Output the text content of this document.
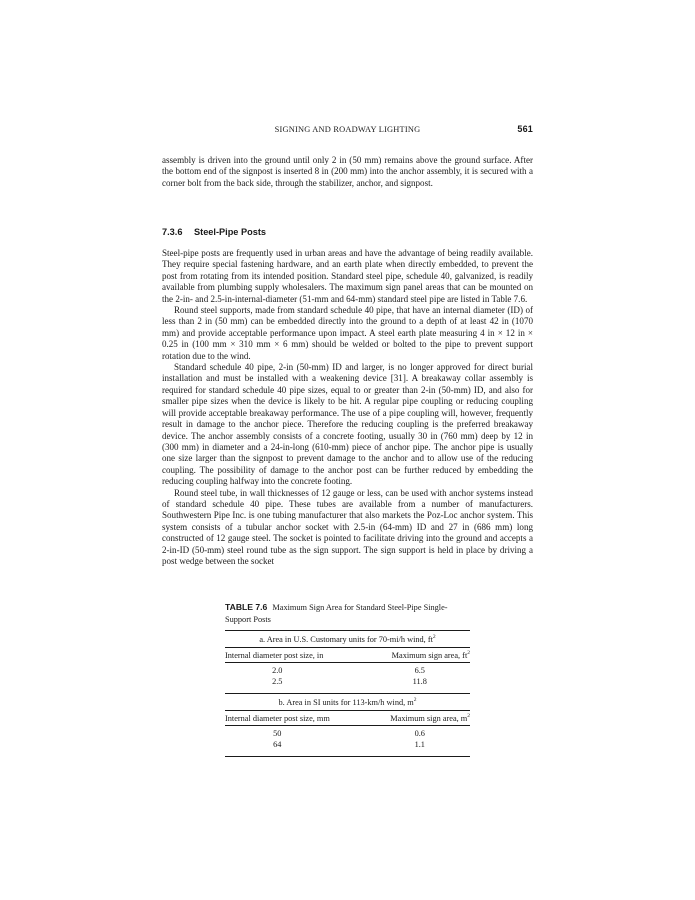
SIGNING AND ROADWAY LIGHTING	561

assembly is driven into the ground until only 2 in (50 mm) remains above the ground surface. After the bottom end of the signpost is inserted 8 in (200 mm) into the anchor assembly, it is secured with a corner bolt from the back side, through the stabilizer, anchor, and signpost.

7.3.6 Steel-Pipe Posts

Steel-pipe posts are frequently used in urban areas and have the advantage of being readily available. They require special fastening hardware, and an earth plate when directly embedded, to prevent the post from rotating from its intended position. Standard steel pipe, schedule 40, galvanized, is readily available from plumbing supply wholesalers. The maximum sign panel areas that can be mounted on the 2-in- and 2.5-in-internal-diameter (51-mm and 64-mm) standard steel pipe are listed in Table 7.6.

Round steel supports, made from standard schedule 40 pipe, that have an internal diameter (ID) of less than 2 in (50 mm) can be embedded directly into the ground to a depth of at least 42 in (1070 mm) and provide acceptable performance upon impact. A steel earth plate measuring 4 in × 12 in × 0.25 in (100 mm × 310 mm × 6 mm) should be welded or bolted to the pipe to prevent support rotation due to the wind.

Standard schedule 40 pipe, 2-in (50-mm) ID and larger, is no longer approved for direct burial installation and must be installed with a weakening device [31]. A breakaway collar assembly is required for standard schedule 40 pipe sizes, equal to or greater than 2-in (50-mm) ID, and also for smaller pipe sizes when the device is likely to be hit. A regular pipe coupling or reducing coupling will provide acceptable breakaway performance. The use of a pipe coupling will, however, frequently result in damage to the anchor piece. Therefore the reducing coupling is the preferred breakaway device. The anchor assembly consists of a concrete footing, usually 30 in (760 mm) deep by 12 in (300 mm) in diameter and a 24-in-long (610-mm) piece of anchor pipe. The anchor pipe is usually one size larger than the signpost to prevent damage to the anchor and to allow use of the reducing coupling. The possibility of damage to the anchor post can be further reduced by embedding the reducing coupling halfway into the concrete footing.

Round steel tube, in wall thicknesses of 12 gauge or less, can be used with anchor systems instead of standard schedule 40 pipe. These tubes are available from a number of manufacturers. Southwestern Pipe Inc. is one tubing manufacturer that also markets the Poz-Loc anchor system. This system consists of a tubular anchor socket with 2.5-in (64-mm) ID and 27 in (686 mm) long constructed of 12 gauge steel. The socket is pointed to facilitate driving into the ground and accepts a 2-in-ID (50-mm) steel round tube as the sign support. The sign support is held in place by driving a post wedge between the socket

TABLE 7.6 Maximum Sign Area for Standard Steel-Pipe Single-Support Posts
a. Area in U.S. Customary units for 70-mi/h wind, $ft^2$
Internal diameter post size, in	Maximum sign area, $ft^2$
2.0	6.5
2.5	11.8
b. Area in SI units for 113-km/h wind, $m^2$
Internal diameter post size, mm	Maximum sign area, $m^2$
50	0.6
64	1.1
